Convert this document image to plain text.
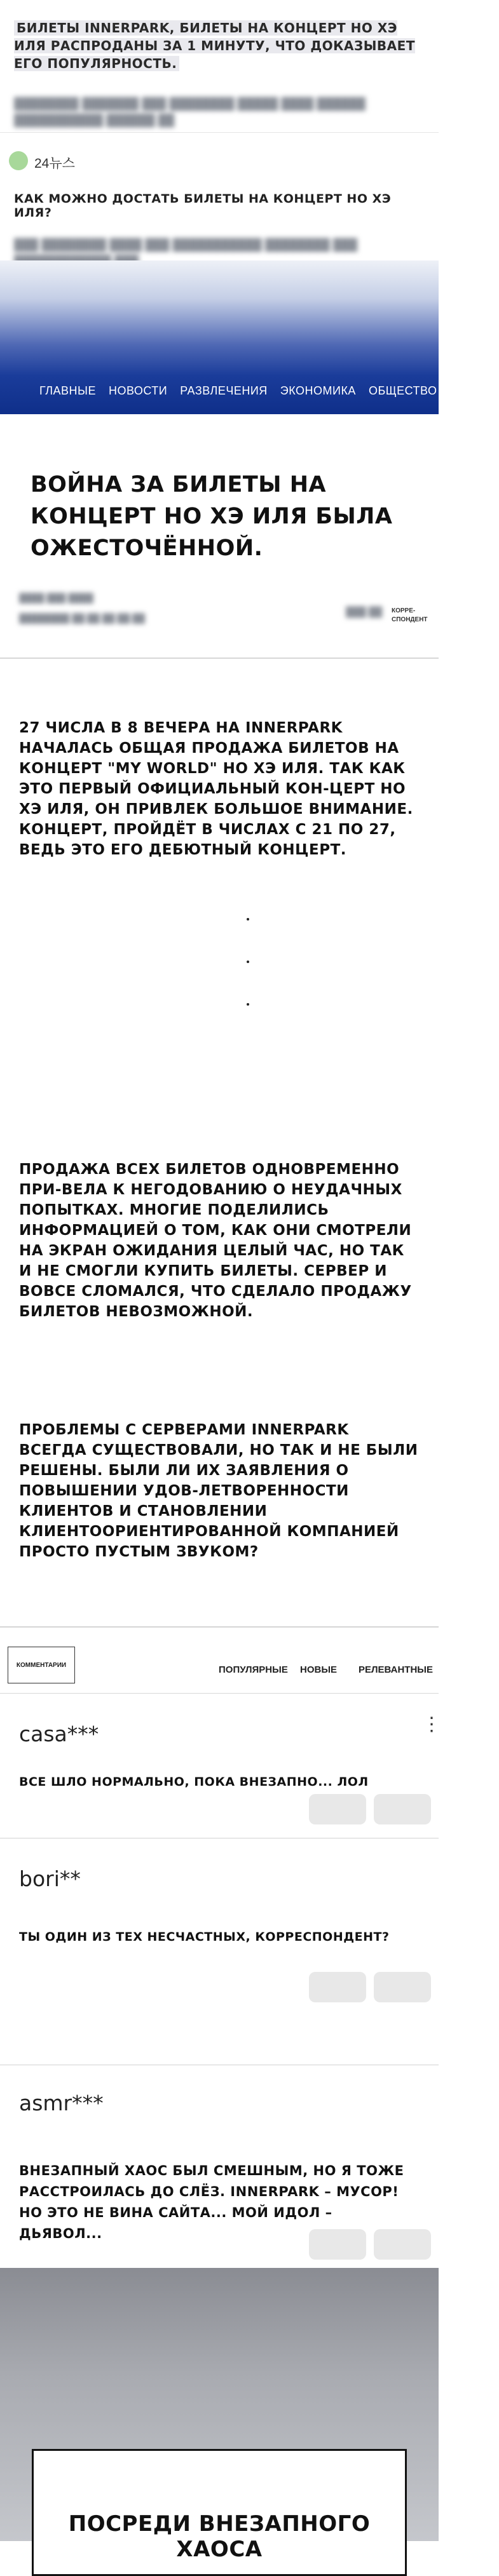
БИЛЕТЫ INNERPARK, БИЛЕТЫ НА КОНЦЕРТ НО ХЭ ИЛЯ РАСПРОДАНЫ ЗА 1 МИНУТУ, ЧТО ДОКАЗЫВАЕТ ЕГО ПОПУЛЯРНОСТЬ.
████████ ███████ ███ ████████ █████ ████ ██████ ███████████ ██████ ██
24뉴스
КАК МОЖНО ДОСТАТЬ БИЛЕТЫ НА КОНЦЕРТ НО ХЭ ИЛЯ?
███ ████████ ████ ███ ███████████ ████████ ███
ГЛАВНЫЕ	НОВОСТИ	РАЗВЛЕЧЕНИЯ	ЭКОНОМИКА	ОБЩЕСТВО	ЖИЗНЬ
ВОЙНА ЗА БИЛЕТЫ НА КОНЦЕРТ НО ХЭ ИЛЯ БЫЛА ОЖЕСТОЧЁННОЙ.
████ ███ ████
████████ ██:██ ██ ██:██
███ ██ КОРРЕ-СПОНДЕНТ
27 ЧИСЛА В 8 ВЕЧЕРА НА INNERPARK НАЧАЛАСЬ ОБЩАЯ ПРОДАЖА БИЛЕТОВ НА КОНЦЕРТ "MY WORLD" НО ХЭ ИЛЯ. ТАК КАК ЭТО ПЕРВЫЙ ОФИЦИАЛЬНЫЙ КОН-ЦЕРТ НО ХЭ ИЛЯ, ОН ПРИВЛЕК БОЛЬШОЕ ВНИМАНИЕ. КОНЦЕРТ, ПРОЙДЁТ В ЧИСЛАХ С 21 ПО 27, ВЕДЬ ЭТО ЕГО ДЕБЮТНЫЙ КОНЦЕРТ.
ПРОДАЖА ВСЕХ БИЛЕТОВ ОДНОВРЕМЕННО ПРИ-ВЕЛА К НЕГОДОВАНИЮ О НЕУДАЧНЫХ ПОПЫТКАХ. МНОГИЕ ПОДЕЛИЛИСЬ ИНФОРМАЦИЕЙ О ТОМ, КАК ОНИ СМОТРЕЛИ НА ЭКРАН ОЖИДАНИЯ ЦЕЛЫЙ ЧАС, НО ТАК И НЕ СМОГЛИ КУПИТЬ БИЛЕТЫ. СЕРВЕР И ВОВСЕ СЛОМАЛСЯ, ЧТО СДЕЛАЛО ПРОДАЖУ БИЛЕТОВ НЕВОЗМОЖНОЙ.
ПРОБЛЕМЫ С СЕРВЕРАМИ INNERPARK ВСЕГДА СУЩЕСТВОВАЛИ, НО ТАК И НЕ БЫЛИ РЕШЕНЫ. БЫЛИ ЛИ ИХ ЗАЯВЛЕНИЯ О ПОВЫШЕНИИ УДОВ-ЛЕТВОРЕННОСТИ КЛИЕНТОВ И СТАНОВЛЕНИИ КЛИЕНТООРИЕНТИРОВАННОЙ КОМПАНИЕЙ ПРОСТО ПУСТЫМ ЗВУКОМ?
КОММЕНТАРИИ	ПОПУЛЯРНЫЕ НОВЫЕ РЕЛЕВАНТНЫЕ
casa***
ВСЕ ШЛО НОРМАЛЬНО, ПОКА ВНЕЗАПНО... ЛОЛ
⋮
bori**
ТЫ ОДИН ИЗ ТЕХ НЕСЧАСТНЫХ, КОРРЕСПОНДЕНТ?
asmr***
ВНЕЗАПНЫЙ ХАОС БЫЛ СМЕШНЫМ, НО Я ТОЖЕ РАССТРОИЛАСЬ ДО СЛЁЗ. INNERPARK – МУСОР! НО ЭТО НЕ ВИНА САЙТА... МОЙ ИДОЛ – ДЬЯВОЛ...
ПОСРЕДИ ВНЕЗАПНОГО ХАОСА
